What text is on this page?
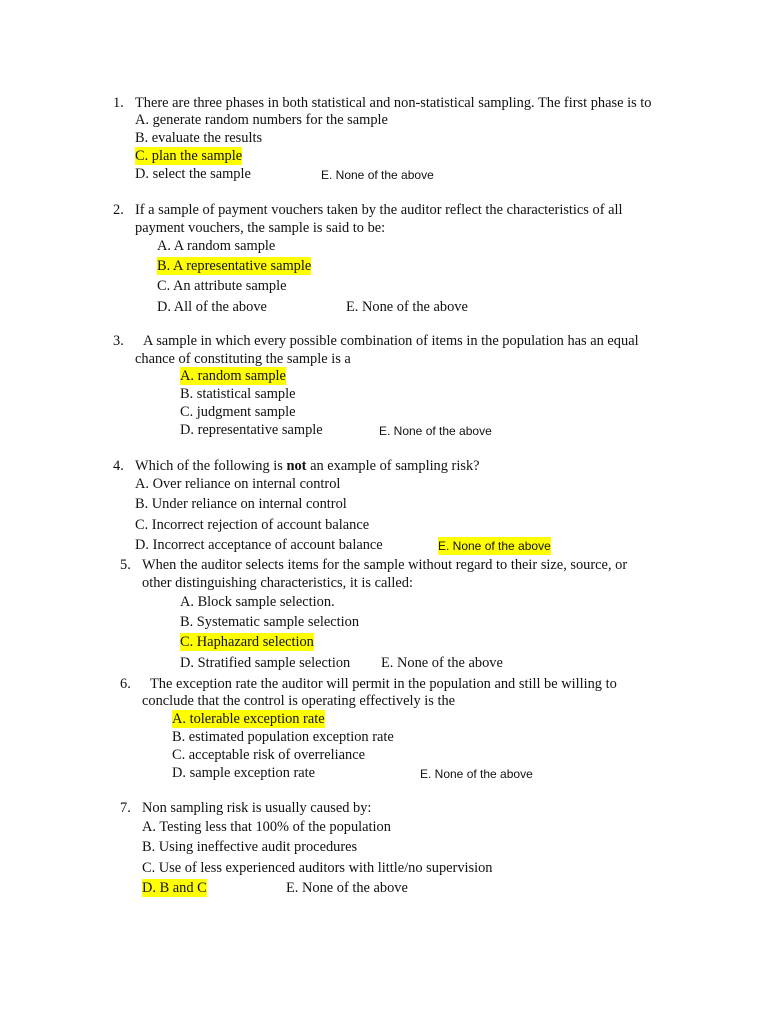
1. There are three phases in both statistical and non-statistical sampling. The first phase is to
A. generate random numbers for the sample
B. evaluate the results
C. plan the sample
D. select the sample	E. None of the above
2. If a sample of payment vouchers taken by the auditor reflect the characteristics of all
payment vouchers, the sample is said to be:
A. A random sample
B. A representative sample
C. An attribute sample
D. All of the above	E. None of the above
3. A sample in which every possible combination of items in the population has an equal
chance of constituting the sample is a
A. random sample
B. statistical sample
C. judgment sample
D. representative sample	E. None of the above
4. Which of the following is not an example of sampling risk?
A. Over reliance on internal control
B. Under reliance on internal control
C. Incorrect rejection of account balance
D. Incorrect acceptance of account balance	E. None of the above
5. When the auditor selects items for the sample without regard to their size, source, or
other distinguishing characteristics, it is called:
A. Block sample selection.
B. Systematic sample selection
C. Haphazard selection
D. Stratified sample selection E. None of the above
6. The exception rate the auditor will permit in the population and still be willing to
conclude that the control is operating effectively is the
A. tolerable exception rate
B. estimated population exception rate
C. acceptable risk of overreliance
D. sample exception rate	E. None of the above
7. Non sampling risk is usually caused by:
A. Testing less that 100% of the population
B. Using ineffective audit procedures
C. Use of less experienced auditors with little/no supervision
D. B and C	E. None of the above
